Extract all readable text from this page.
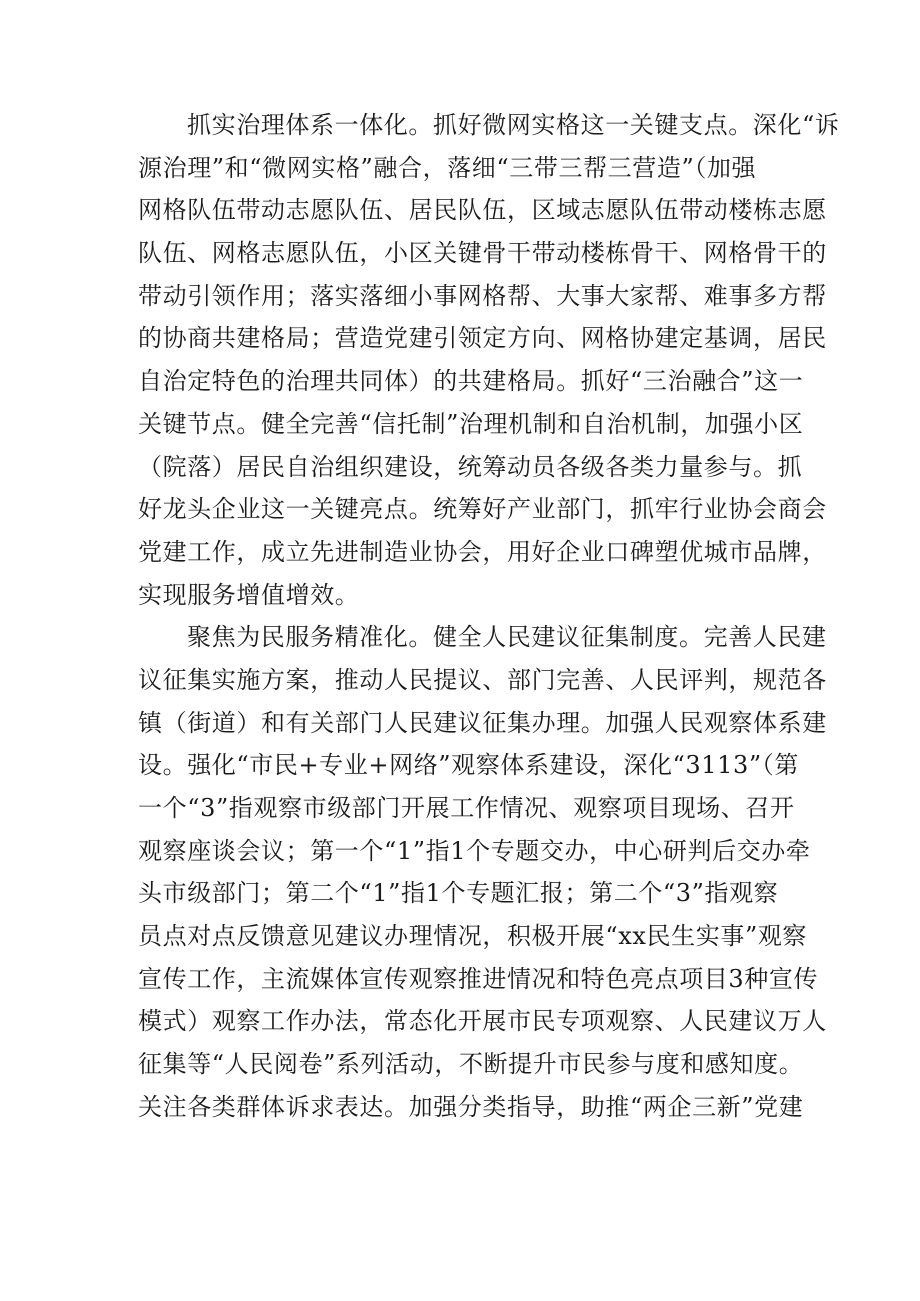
抓实治理体系一体化。抓好微网实格这一关键支点。深化“诉
源治理”和“微网实格”融合，落细“三带三帮三营造”（加强
网格队伍带动志愿队伍、居民队伍，区域志愿队伍带动楼栋志愿
队伍、网格志愿队伍，小区关键骨干带动楼栋骨干、网格骨干的
带动引领作用；落实落细小事网格帮、大事大家帮、难事多方帮
的协商共建格局；营造党建引领定方向、网格协建定基调，居民
自治定特色的治理共同体）的共建格局。抓好“三治融合”这一
关键节点。健全完善“信托制”治理机制和自治机制，加强小区
（院落）居民自治组织建设，统筹动员各级各类力量参与。抓
好龙头企业这一关键亮点。统筹好产业部门，抓牢行业协会商会
党建工作，成立先进制造业协会，用好企业口碑塑优城市品牌，
实现服务增值增效。
聚焦为民服务精准化。健全人民建议征集制度。完善人民建
议征集实施方案，推动人民提议、部门完善、人民评判，规范各
镇（街道）和有关部门人民建议征集办理。加强人民观察体系建
设。强化“市民+专业+网络”观察体系建设，深化“3113”（第
一个“3”指观察市级部门开展工作情况、观察项目现场、召开
观察座谈会议；第一个“1”指1个专题交办，中心研判后交办牵
头市级部门；第二个“1”指1个专题汇报；第二个“3”指观察
员点对点反馈意见建议办理情况，积极开展“xx民生实事”观察
宣传工作，主流媒体宣传观察推进情况和特色亮点项目3种宣传
模式）观察工作办法，常态化开展市民专项观察、人民建议万人
征集等“人民阅卷”系列活动，不断提升市民参与度和感知度。
关注各类群体诉求表达。加强分类指导，助推“两企三新”党建
